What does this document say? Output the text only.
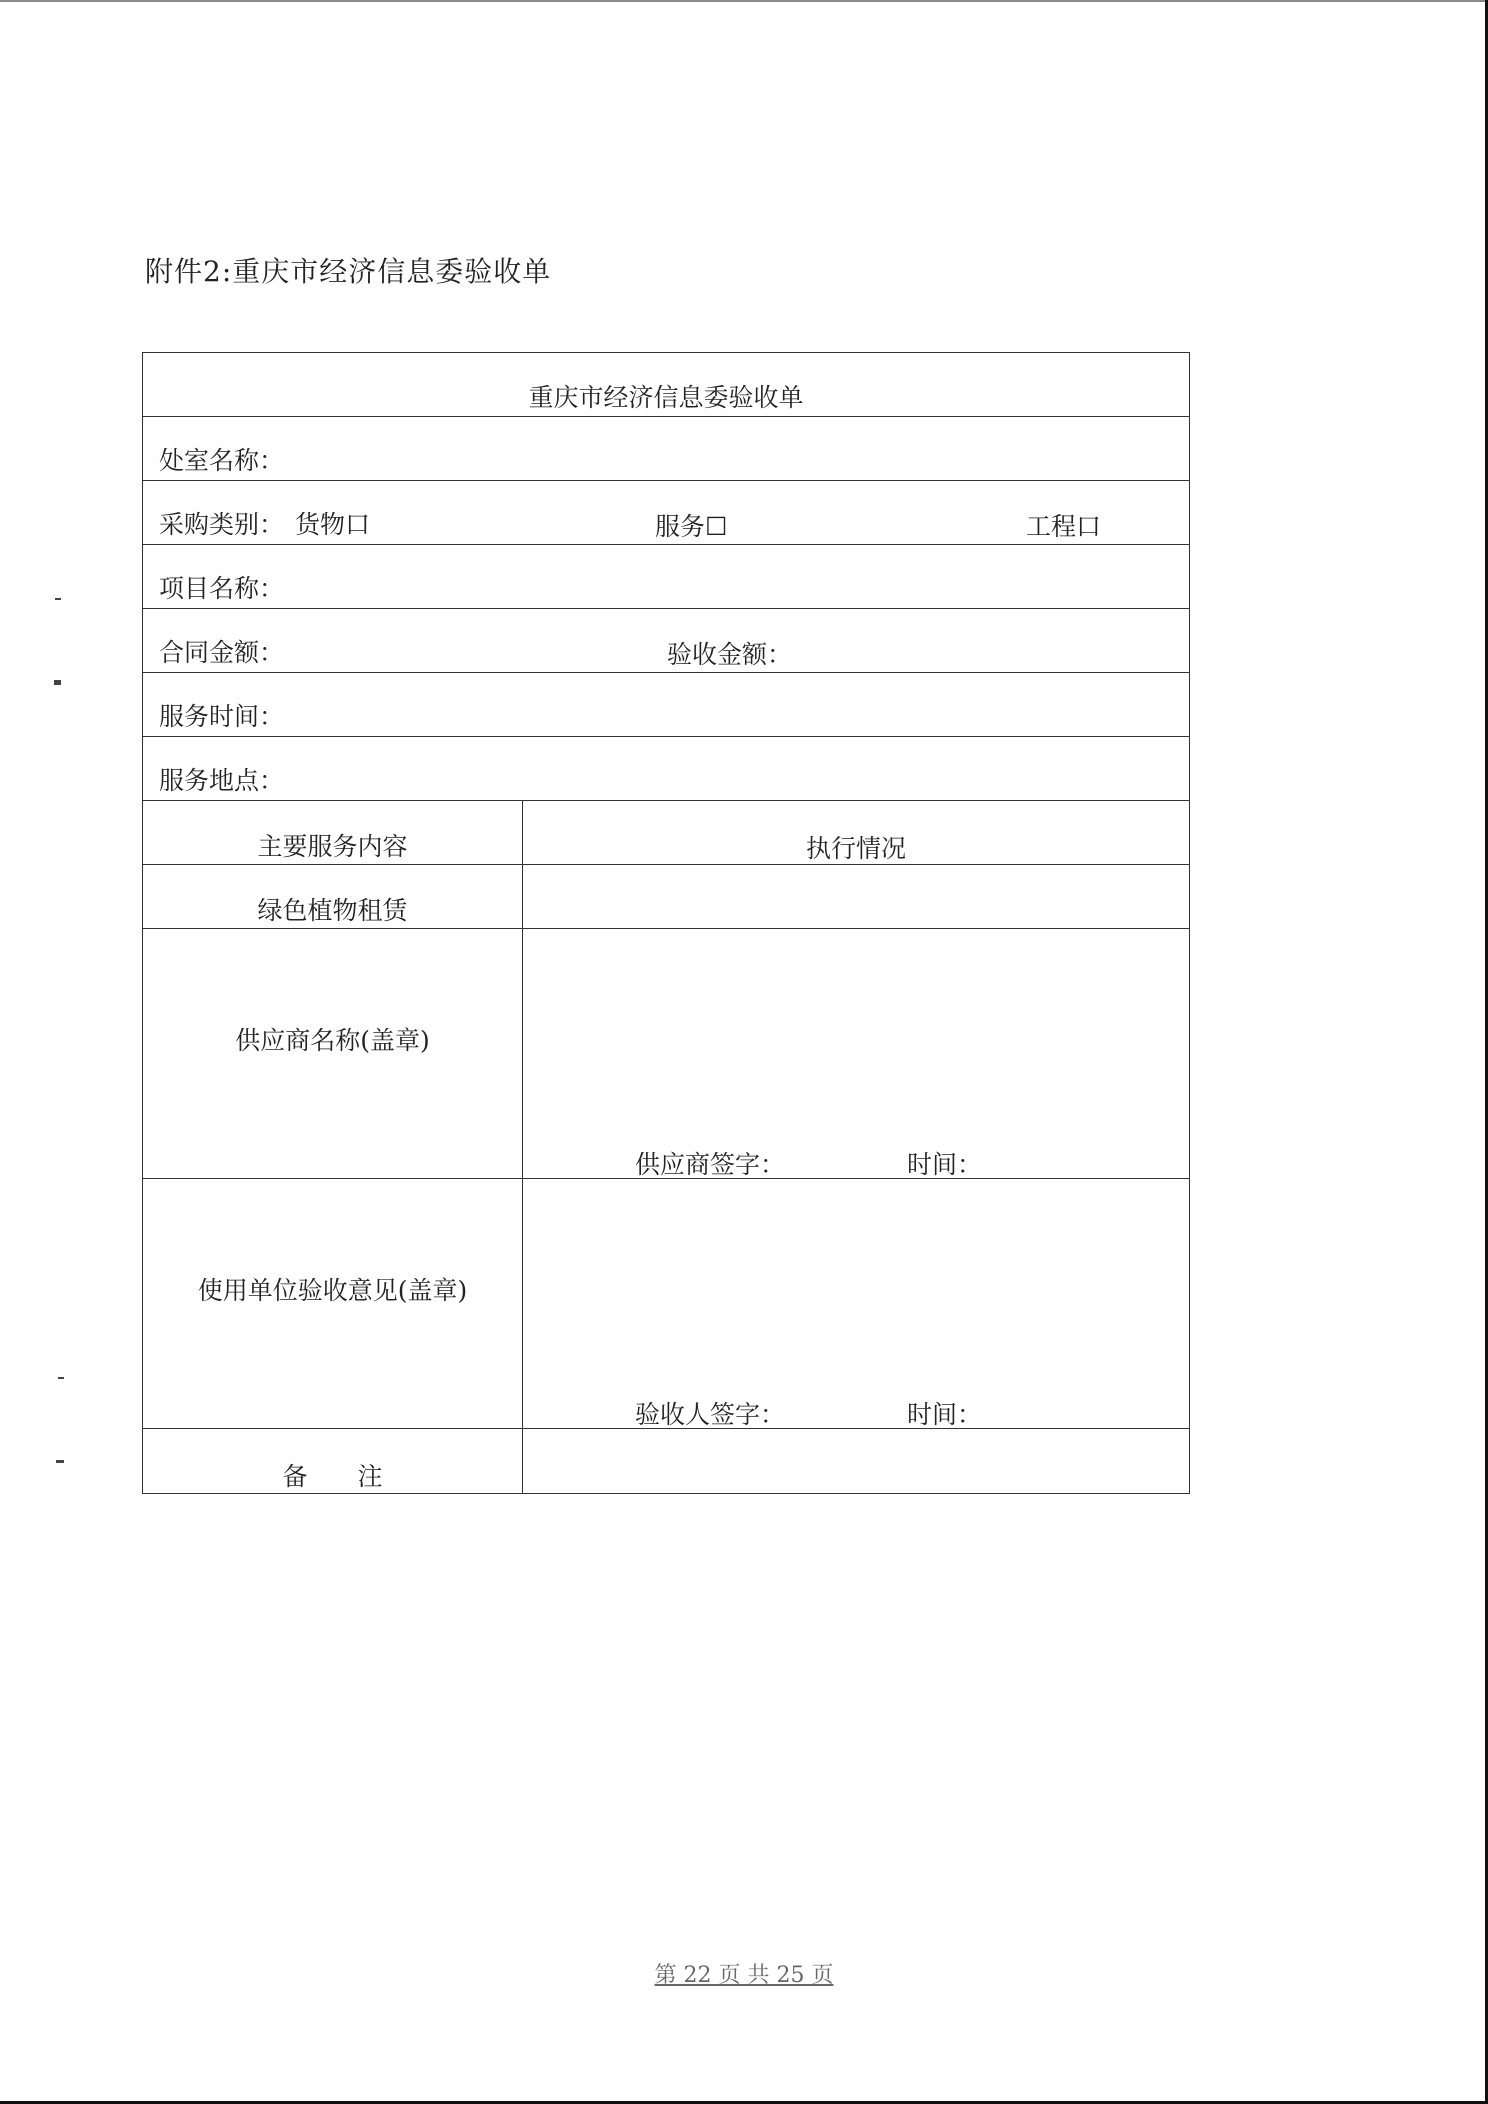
附件2:重庆市经济信息委验收单
重庆市经济信息委验收单
处室名称：
采购类别： 货物口	服务☐	工程口
项目名称：
合同金额：	验收金额：
服务时间：
服务地点：
主要服务内容	执行情况
绿色植物租赁
供应商名称(盖章)
供应商签字：	时间：
使用单位验收意见(盖章)
验收人签字：	时间：
备　　注
第 22 页 共 25 页
